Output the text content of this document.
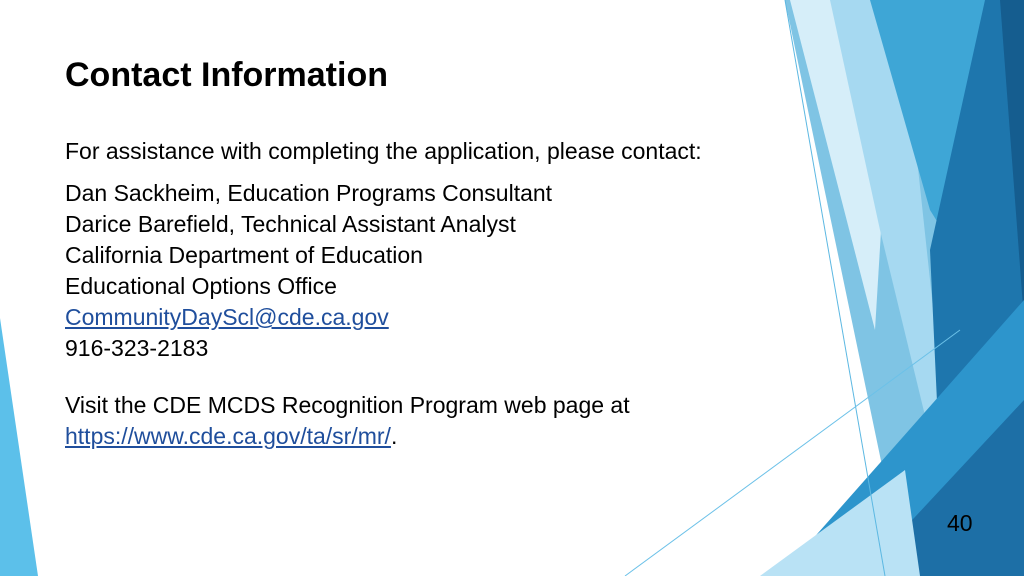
Contact Information

For assistance with completing the application, please contact:

Dan Sackheim, Education Programs Consultant
Darice Barefield, Technical Assistant Analyst
California Department of Education
Educational Options Office
CommunityDayScl@cde.ca.gov
916-323-2183
Visit the CDE MCDS Recognition Program web page at
https://www.cde.ca.gov/ta/sr/mr/.
40
